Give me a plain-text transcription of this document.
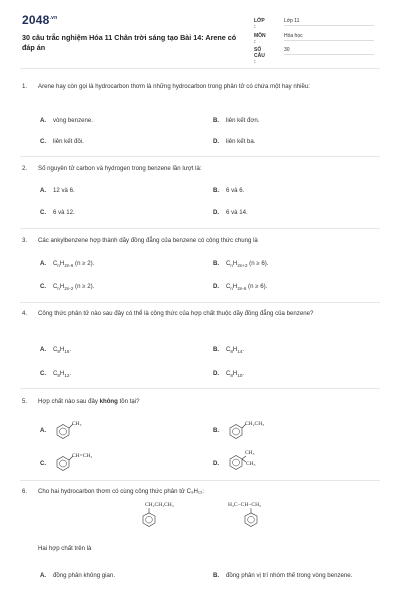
$2048^{.vn}$
30 câu trắc nghiệm Hóa 11 Chân trời sáng tạo Bài 14: Arene có đáp án
LỚP :
Lớp 11
MÔN :
Hóa học
SỐ CÂU :
30
1. Arene hay còn gọi là hydrocarbon thơm là những hydrocarbon trong phân tử có chứa một hay nhiều:
A. vòng benzene.	B. liên kết đơn.
C. liên kết đôi.	D. liên kết ba.
2. Số nguyên tử carbon và hydrogen trong benzene lần lượt là:
A. 12 và 6.	B. 6 và 6.
C. 6 và 12.	D. 6 và 14.
3. Các ankylbenzene hợp thành dãy đồng đẳng của benzene có công thức chung là
A. $C_nH_{2n-6}$ (n ≥ 2).	B. $C_nH_{2n+2}$ (n ≥ 6).
C. $C_nH_{2n-2}$ (n ≥ 2).	D. $C_nH_{2n-6}$ (n ≥ 6).
4. Công thức phân tử nào sau đây có thể là công thức của hợp chất thuộc dãy đồng đẳng của benzene?
A. $C_8H_{16}$.	B. $C_8H_{14}$.
C. $C_8H_{12}$.	D. $C_8H_{10}$.
5. Hợp chất nào sau đây không tồn tại?
A.
CH₃
B.
CH₂CH₃
C.
CH=CH₂
D.
CH₃
CH₃
6. Cho hai hydrocarbon thơm có cùng công thức phân tử C₉H₁₂:
CH₂CH₂CH₃	H₃C−CH−CH₃
Hai hợp chất trên là
A. đồng phân không gian.	B. đồng phân vị trí nhóm thế trong vòng benzene.
